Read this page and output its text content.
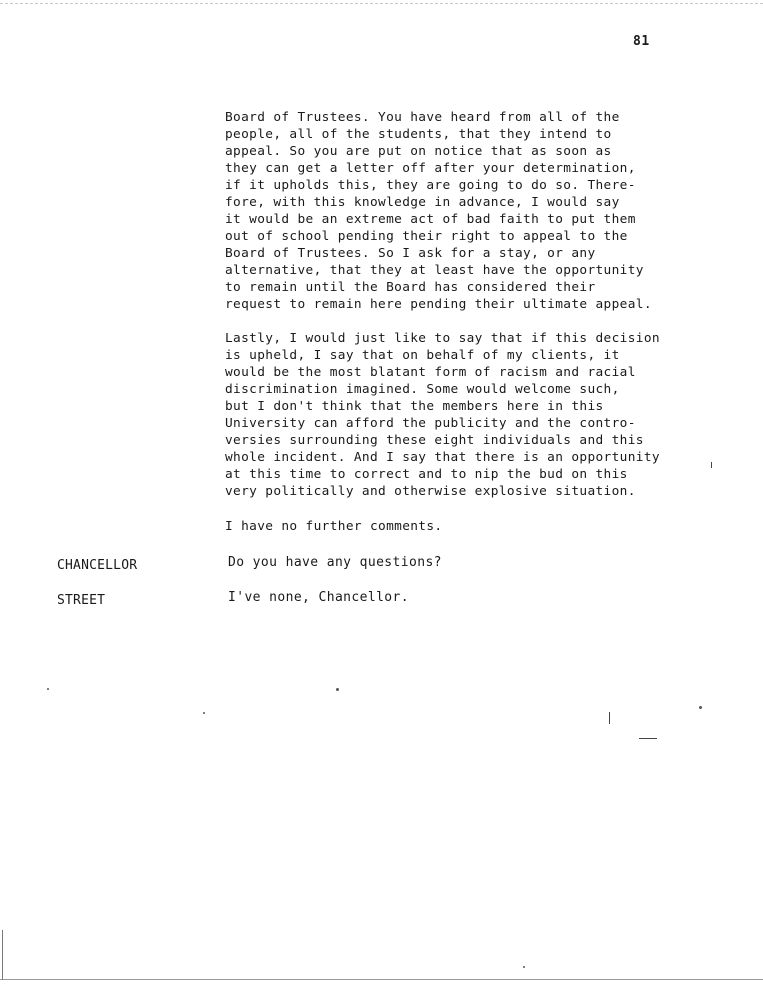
81
Board of Trustees. You have heard from all of the
people, all of the students, that they intend to
appeal. So you are put on notice that as soon as
they can get a letter off after your determination,
if it upholds this, they are going to do so. There-
fore, with this knowledge in advance, I would say
it would be an extreme act of bad faith to put them
out of school pending their right to appeal to the
Board of Trustees. So I ask for a stay, or any
alternative, that they at least have the opportunity
to remain until the Board has considered their
request to remain here pending their ultimate appeal.
Lastly, I would just like to say that if this decision
is upheld, I say that on behalf of my clients, it
would be the most blatant form of racism and racial
discrimination imagined. Some would welcome such,
but I don't think that the members here in this
University can afford the publicity and the contro-
versies surrounding these eight individuals and this
whole incident. And I say that there is an opportunity
at this time to correct and to nip the bud on this
very politically and otherwise explosive situation.
I have no further comments.
CHANCELLOR	Do you have any questions?
STREET	I've none, Chancellor.
